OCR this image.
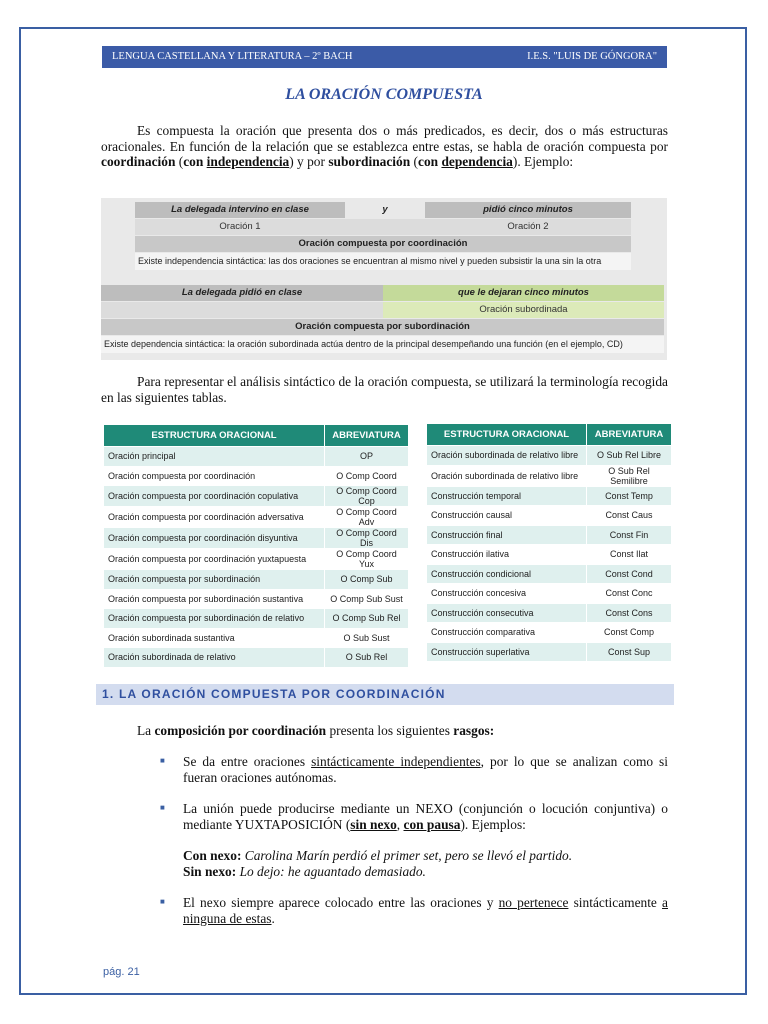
LENGUA CASTELLANA Y LITERATURA – 2º BACH	I.E.S. "LUIS DE GÓNGORA"
LA ORACIÓN COMPUESTA
Es compuesta la oración que presenta dos o más predicados, es decir, dos o más estructuras oracionales. En función de la relación que se establezca entre estas, se habla de oración compuesta por coordinación (con independencia) y por subordinación (con dependencia). Ejemplo:
La delegada intervino en clase	y	pidió cinco minutos
Oración 1	Oración 2
Oración compuesta por coordinación
Existe independencia sintáctica: las dos oraciones se encuentran al mismo nivel y pueden subsistir la una sin la otra
La delegada pidió en clase	que le dejaran cinco minutos
Oración subordinada
Oración compuesta por subordinación
Existe dependencia sintáctica: la oración subordinada actúa dentro de la principal desempeñando una función (en el ejemplo, CD)
Para representar el análisis sintáctico de la oración compuesta, se utilizará la terminología recogida en las siguientes tablas.
ESTRUCTURA ORACIONAL	ABREVIATURA
Oración principal	OP
Oración compuesta por coordinación	O Comp Coord
Oración compuesta por coordinación copulativa	O Comp Coord Cop
Oración compuesta por coordinación adversativa	O Comp Coord Adv
Oración compuesta por coordinación disyuntiva	O Comp Coord Dis
Oración compuesta por coordinación yuxtapuesta	O Comp Coord Yux
Oración compuesta por subordinación	O Comp Sub
Oración compuesta por subordinación sustantiva	O Comp Sub Sust
Oración compuesta por subordinación de relativo	O Comp Sub Rel
Oración subordinada sustantiva	O Sub Sust
Oración subordinada de relativo	O Sub Rel
ESTRUCTURA ORACIONAL	ABREVIATURA
Oración subordinada de relativo libre	O Sub Rel Libre
Oración subordinada de relativo libre	O Sub Rel Semilibre
Construcción temporal	Const Temp
Construcción causal	Const Caus
Construcción final	Const Fin
Construcción ilativa	Const Ilat
Construcción condicional	Const Cond
Construcción concesiva	Const Conc
Construcción consecutiva	Const Cons
Construcción comparativa	Const Comp
Construcción superlativa	Const Sup
1. LA ORACIÓN COMPUESTA POR COORDINACIÓN
La composición por coordinación presenta los siguientes rasgos:
■	Se da entre oraciones sintácticamente independientes, por lo que se analizan como si fueran oraciones autónomas.
■	La unión puede producirse mediante un NEXO (conjunción o locución conjuntiva) o mediante YUXTAPOSICIÓN (sin nexo, con pausa). Ejemplos:
Con nexo: Carolina Marín perdió el primer set, pero se llevó el partido.
Sin nexo: Lo dejo: he aguantado demasiado.
■	El nexo siempre aparece colocado entre las oraciones y no pertenece sintácticamente a ninguna de estas.
pág. 21
